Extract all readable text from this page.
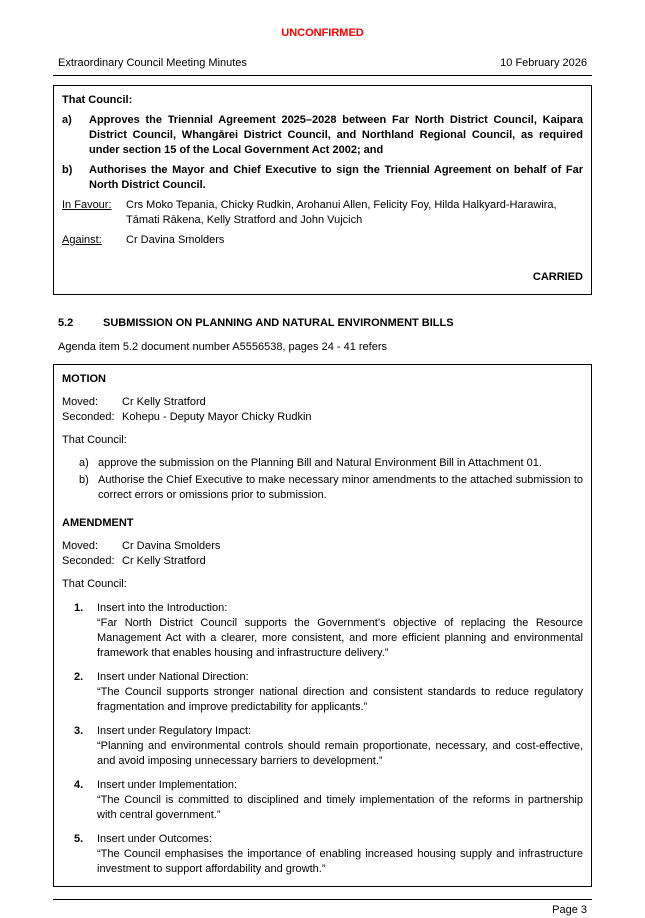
UNCONFIRMED
Extraordinary Council Meeting Minutes	10 February 2026
That Council:
a)	Approves the Triennial Agreement 2025–2028 between Far North District Council, Kaipara District Council, Whangārei District Council, and Northland Regional Council, as required under section 15 of the Local Government Act 2002; and
b)	Authorises the Mayor and Chief Executive to sign the Triennial Agreement on behalf of Far North District Council.
In Favour:	Crs Moko Tepania, Chicky Rudkin, Arohanui Allen, Felicity Foy, Hilda Halkyard-Harawira, Tāmati Rākena, Kelly Stratford and John Vujcich
Against:	Cr Davina Smolders
CARRIED
5.2	SUBMISSION ON PLANNING AND NATURAL ENVIRONMENT BILLS
Agenda item 5.2 document number A5556538, pages 24 - 41 refers
MOTION
Moved:	Cr Kelly Stratford
Seconded: Kohepu - Deputy Mayor Chicky Rudkin
That Council:
a) approve the submission on the Planning Bill and Natural Environment Bill in Attachment 01.
b) Authorise the Chief Executive to make necessary minor amendments to the attached submission to correct errors or omissions prior to submission.
AMENDMENT
Moved:	Cr Davina Smolders
Seconded: Cr Kelly Stratford
That Council:
1.	Insert into the Introduction:
“Far North District Council supports the Government’s objective of replacing the Resource Management Act with a clearer, more consistent, and more efficient planning and environmental framework that enables housing and infrastructure delivery.”
2.	Insert under National Direction:
“The Council supports stronger national direction and consistent standards to reduce regulatory fragmentation and improve predictability for applicants.”
3.	Insert under Regulatory Impact:
“Planning and environmental controls should remain proportionate, necessary, and cost-effective, and avoid imposing unnecessary barriers to development.”
4.	Insert under Implementation:
“The Council is committed to disciplined and timely implementation of the reforms in partnership with central government.”
5.	Insert under Outcomes:
“The Council emphasises the importance of enabling increased housing supply and infrastructure investment to support affordability and growth.”
Page 3
